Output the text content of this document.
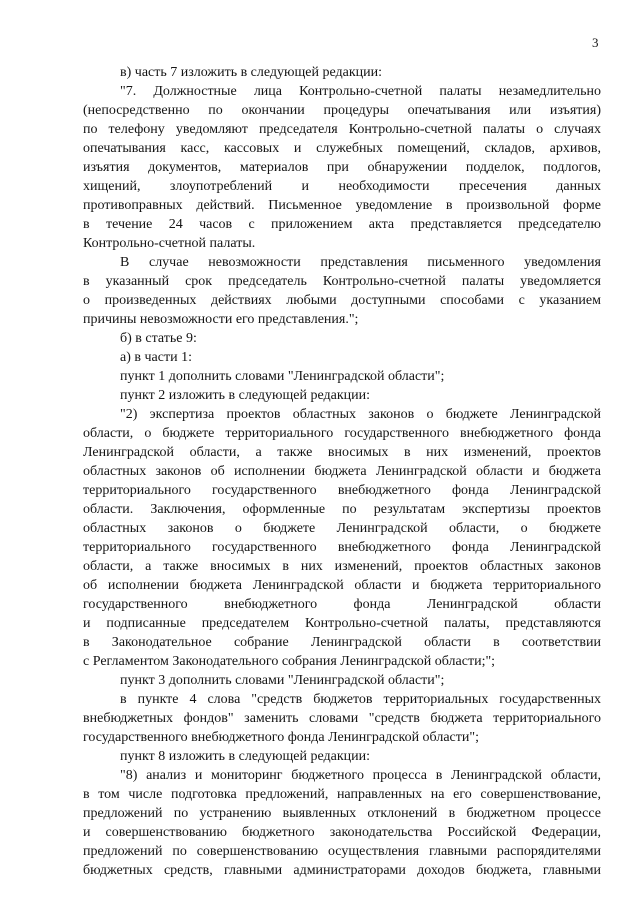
3
в) часть 7 изложить в следующей редакции:
"7. Должностные лица Контрольно-счетной палаты незамедлительно
(непосредственно по окончании процедуры опечатывания или изъятия)
по телефону уведомляют председателя Контрольно-счетной палаты о случаях
опечатывания касс, кассовых и служебных помещений, складов, архивов,
изъятия документов, материалов при обнаружении подделок, подлогов,
хищений, злоупотреблений и необходимости пресечения данных
противоправных действий. Письменное уведомление в произвольной форме
в течение 24 часов с приложением акта представляется председателю
Контрольно-счетной палаты.
В случае невозможности представления письменного уведомления
в указанный срок председатель Контрольно-счетной палаты уведомляется
о произведенных действиях любыми доступными способами с указанием
причины невозможности его представления.";
б) в статье 9:
а) в части 1:
пункт 1 дополнить словами "Ленинградской области";
пункт 2 изложить в следующей редакции:
"2) экспертиза проектов областных законов о бюджете Ленинградской
области, о бюджете территориального государственного внебюджетного фонда
Ленинградской области, а также вносимых в них изменений, проектов
областных законов об исполнении бюджета Ленинградской области и бюджета
территориального государственного внебюджетного фонда Ленинградской
области. Заключения, оформленные по результатам экспертизы проектов
областных законов о бюджете Ленинградской области, о бюджете
территориального государственного внебюджетного фонда Ленинградской
области, а также вносимых в них изменений, проектов областных законов
об исполнении бюджета Ленинградской области и бюджета территориального
государственного внебюджетного фонда Ленинградской области
и подписанные председателем Контрольно-счетной палаты, представляются
в Законодательное собрание Ленинградской области в соответствии
с Регламентом Законодательного собрания Ленинградской области;";
пункт 3 дополнить словами "Ленинградской области";
в пункте 4 слова "средств бюджетов территориальных государственных
внебюджетных фондов" заменить словами "средств бюджета территориального
государственного внебюджетного фонда Ленинградской области";
пункт 8 изложить в следующей редакции:
"8) анализ и мониторинг бюджетного процесса в Ленинградской области,
в том числе подготовка предложений, направленных на его совершенствование,
предложений по устранению выявленных отклонений в бюджетном процессе
и совершенствованию бюджетного законодательства Российской Федерации,
предложений по совершенствованию осуществления главными распорядителями
бюджетных средств, главными администраторами доходов бюджета, главными
